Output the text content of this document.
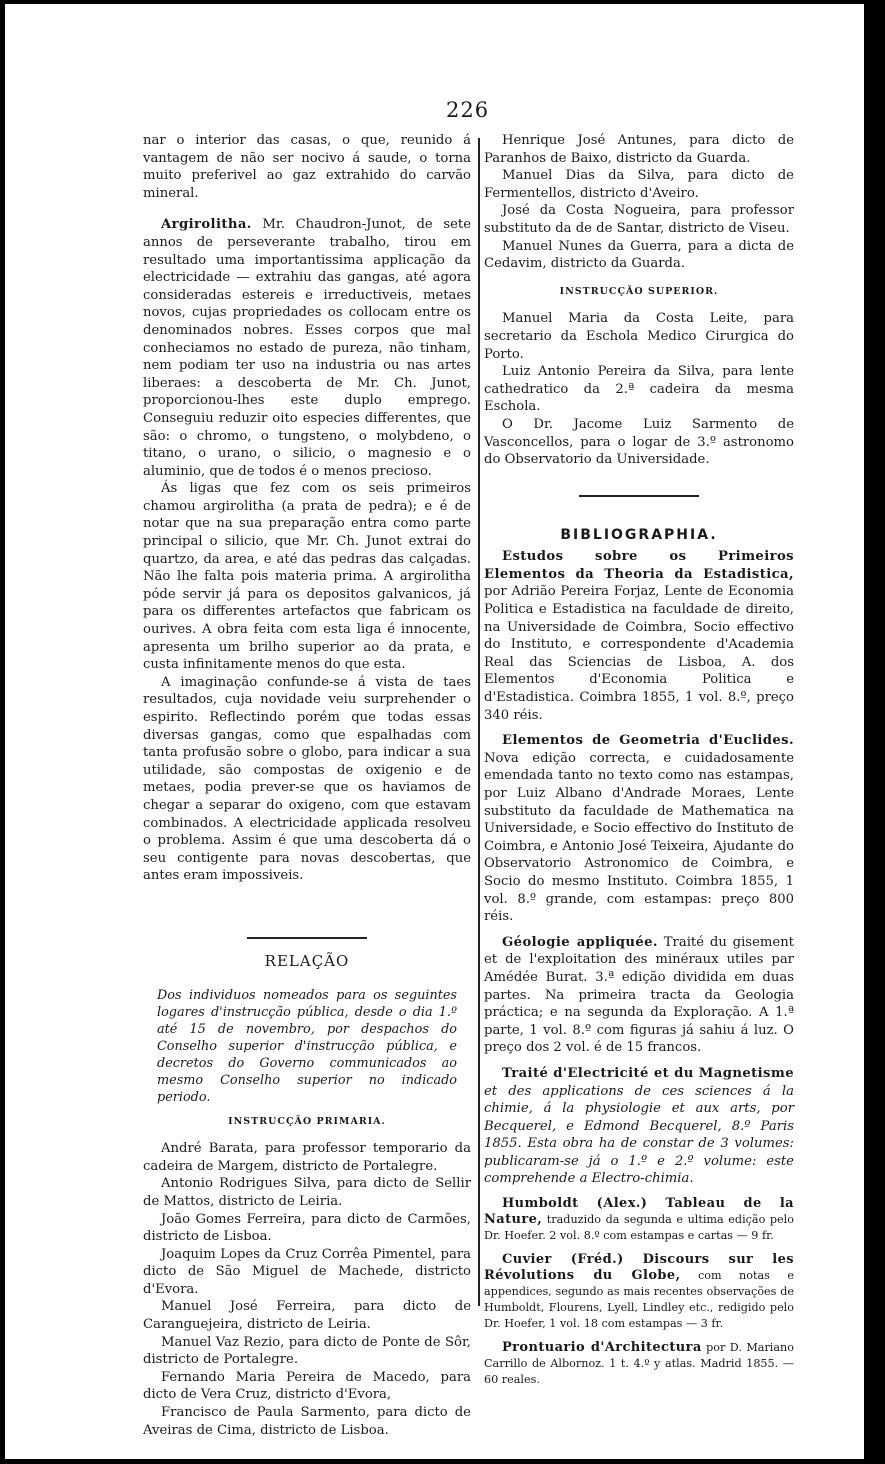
226

nar o interior das casas, o que, reunido á vantagem de não ser nocivo á saude, o torna muito preferivel ao gaz extrahido do carvão mineral.

Argirolitha. Mr. Chaudron-Junot, de sete annos de perseverante trabalho, tirou em resultado uma importantissima applicação da electricidade — extrahiu das gangas, até agora consideradas estereis e irreductiveis, metaes novos, cujas propriedades os collocam entre os denominados nobres. Esses corpos que mal conheciamos no estado de pureza, não tinham, nem podiam ter uso na industria ou nas artes liberaes: a descoberta de Mr. Ch. Junot, proporcionou-lhes este duplo emprego. Conseguiu reduzir oito especies differentes, que são: o chromo, o tungsteno, o molybdeno, o titano, o urano, o silicio, o magnesio e o aluminio, que de todos é o menos precioso.

Ás ligas que fez com os seis primeiros chamou argirolitha (a prata de pedra); e é de notar que na sua preparação entra como parte principal o silicio, que Mr. Ch. Junot extrai do quartzo, da area, e até das pedras das calçadas. Não lhe falta pois materia prima. A argirolitha póde servir já para os depositos galvanicos, já para os differentes artefactos que fabricam os ourives. A obra feita com esta liga é innocente, apresenta um brilho superior ao da prata, e custa infinitamente menos do que esta.

A imaginação confunde-se á vista de taes resultados, cuja novidade veiu surprehender o espirito. Reflectindo porém que todas essas diversas gangas, como que espalhadas com tanta profusão sobre o globo, para indicar a sua utilidade, são compostas de oxigenio e de metaes, podia prever-se que os haviamos de chegar a separar do oxigeno, com que estavam combinados. A electricidade applicada resolveu o problema. Assim é que uma descoberta dá o seu contigente para novas descobertas, que antes eram impossiveis.

RELAÇÃO

Dos individuos nomeados para os seguintes logares d'instrucção pública, desde o dia 1.º até 15 de novembro, por despachos do Conselho superior d'instrucção pública, e decretos do Governo communicados ao mesmo Conselho superior no indicado periodo.

INSTRUCÇÃO PRIMARIA.

André Barata, para professor temporario da cadeira de Margem, districto de Portalegre.

Antonio Rodrigues Silva, para dicto de Sellir de Mattos, districto de Leiria.

João Gomes Ferreira, para dicto de Carmões, districto de Lisboa.

Joaquim Lopes da Cruz Corrêa Pimentel, para dicto de São Miguel de Machede, districto d'Evora.

Manuel José Ferreira, para dicto de Caranguejeira, districto de Leiria.

Manuel Vaz Rezio, para dicto de Ponte de Sôr, districto de Portalegre.

Fernando Maria Pereira de Macedo, para dicto de Vera Cruz, districto d'Evora,

Francisco de Paula Sarmento, para dicto de Aveiras de Cima, districto de Lisboa.

Henrique José Antunes, para dicto de Paranhos de Baixo, districto da Guarda.

Manuel Dias da Silva, para dicto de Fermentellos, districto d'Aveiro.

José da Costa Nogueira, para professor substituto da de de Santar, districto de Viseu.

Manuel Nunes da Guerra, para a dicta de Cedavim, districto da Guarda.

INSTRUCÇÃO SUPERIOR.

Manuel Maria da Costa Leite, para secretario da Eschola Medico Cirurgica do Porto.

Luiz Antonio Pereira da Silva, para lente cathedratico da 2.ª cadeira da mesma Eschola.

O Dr. Jacome Luiz Sarmento de Vasconcellos, para o logar de 3.º astronomo do Observatorio da Universidade.

BIBLIOGRAPHIA.

Estudos sobre os Primeiros Elementos da Theoria da Estadistica, por Adrião Pereira Forjaz, Lente de Economia Politica e Estadistica na faculdade de direito, na Universidade de Coimbra, Socio effectivo do Instituto, e correspondente d'Academia Real das Sciencias de Lisboa, A. dos Elementos d'Economia Politica e d'Estadistica. Coimbra 1855, 1 vol. 8.º, preço 340 réis.

Elementos de Geometria d'Euclides. Nova edição correcta, e cuidadosamente emendada tanto no texto como nas estampas, por Luiz Albano d'Andrade Moraes, Lente substituto da faculdade de Mathematica na Universidade, e Socio effectivo do Instituto de Coimbra, e Antonio José Teixeira, Ajudante do Observatorio Astronomico de Coimbra, e Socio do mesmo Instituto. Coimbra 1855, 1 vol. 8.º grande, com estampas: preço 800 réis.

Géologie appliquée. Traité du gisement et de l'exploitation des minéraux utiles par Amédée Burat. 3.ª edição dividida em duas partes. Na primeira tracta da Geologia práctica; e na segunda da Exploração. A 1.ª parte, 1 vol. 8.º com figuras já sahiu á luz. O preço dos 2 vol. é de 15 francos.

Traité d'Electricité et du Magnetisme et des applications de ces sciences á la chimie, á la physiologie et aux arts, por Becquerel, e Edmond Becquerel, 8.º Paris 1855. Esta obra ha de constar de 3 volumes: publicaram-se já o 1.º e 2.º volume: este comprehende a Electro-chimia.

Humboldt (Alex.) Tableau de la Nature, traduzido da segunda e ultima edição pelo Dr. Hoefer. 2 vol. 8.º com estampas e cartas — 9 fr.

Cuvier (Fréd.) Discours sur les Révolutions du Globe, com notas e appendices, segundo as mais recentes observações de Humboldt, Flourens, Lyell, Lindley etc., redigido pelo Dr. Hoefer, 1 vol. 18 com estampas — 3 fr.

Prontuario d'Architectura por D. Mariano Carrillo de Albornoz. 1 t. 4.º y atlas. Madrid 1855. — 60 reales.
